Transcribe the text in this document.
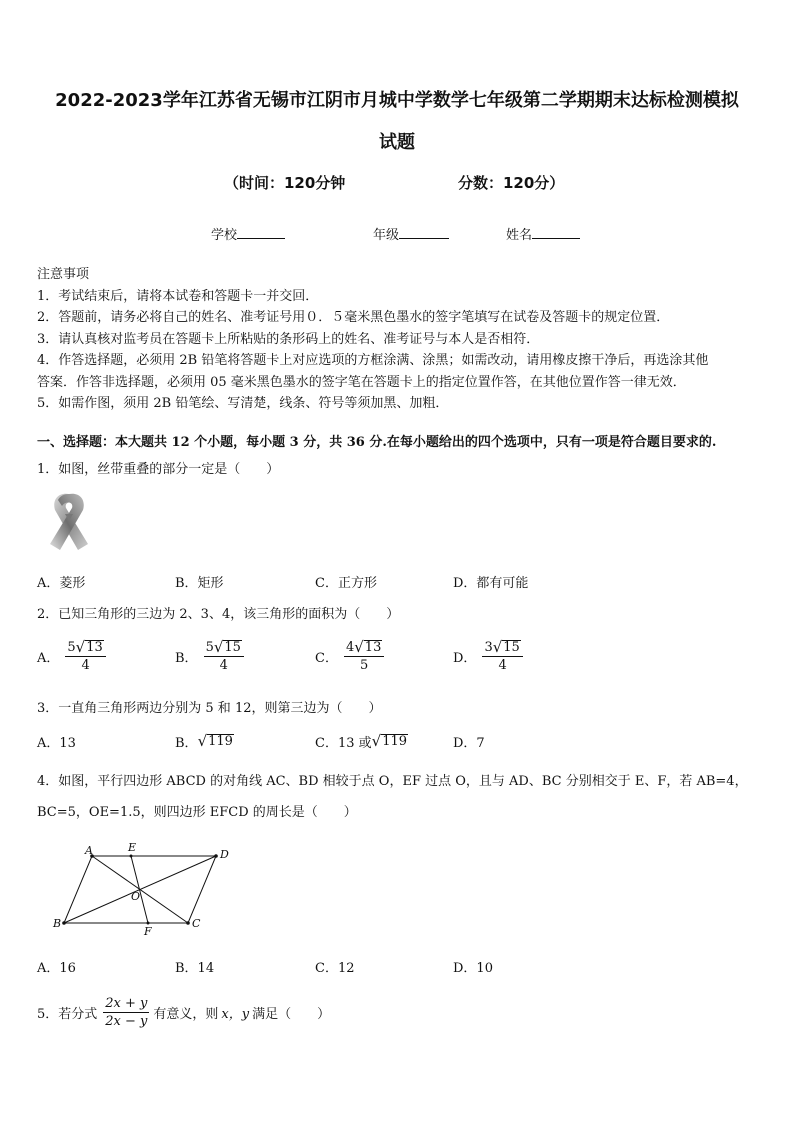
2022-2023学年江苏省无锡市江阴市月城中学数学七年级第二学期期末达标检测模拟
试题
（时间：120分钟	分数：120分）
学校	年级	姓名
注意事项
1．考试结束后，请将本试卷和答题卡一并交回．
2．答题前，请务必将自己的姓名、准考证号用０．５毫米黑色墨水的签字笔填写在试卷及答题卡的规定位置．
3．请认真核对监考员在答题卡上所粘贴的条形码上的姓名、准考证号与本人是否相符．
4．作答选择题，必须用 2B 铅笔将答题卡上对应选项的方框涂满、涂黑；如需改动，请用橡皮擦干净后，再选涂其他
答案．作答非选择题，必须用 05 毫米黑色墨水的签字笔在答题卡上的指定位置作答，在其他位置作答一律无效．
5．如需作图，须用 2B 铅笔绘、写清楚，线条、符号等须加黑、加粗．
一、选择题：本大题共 12 个小题，每小题 3 分，共 36 分.在每小题给出的四个选项中，只有一项是符合题目要求的.
1．如图，丝带重叠的部分一定是（　　）
A．菱形	B．矩形	C．正方形	D．都有可能
2．已知三角形的三边为 2、3、4，该三角形的面积为（　　）
A． $\frac{5 √ 13}{4}$	B． $\frac{5 √ 15}{4}$	C． $\frac{4 √ 13}{5}$	D． $\frac{3 √ 15}{4}$
3．一直角三角形两边分别为 5 和 12，则第三边为（　　）
A．13	B． √ 119	C．13 或 √ 119	D．7
4．如图，平行四边形 ABCD 的对角线 AC、BD 相较于点 O，EF 过点 O，且与 AD、BC 分别相交于 E、F，若 AB=4，
BC=5，OE=1.5，则四边形 EFCD 的周长是（　　）
A	E
D
O
B
F
C
A．16	B．14	C．12	D．10
5．若分式 $\frac{2x + y}{2x - y}$ 有意义，则 x，y 满足（　　）
